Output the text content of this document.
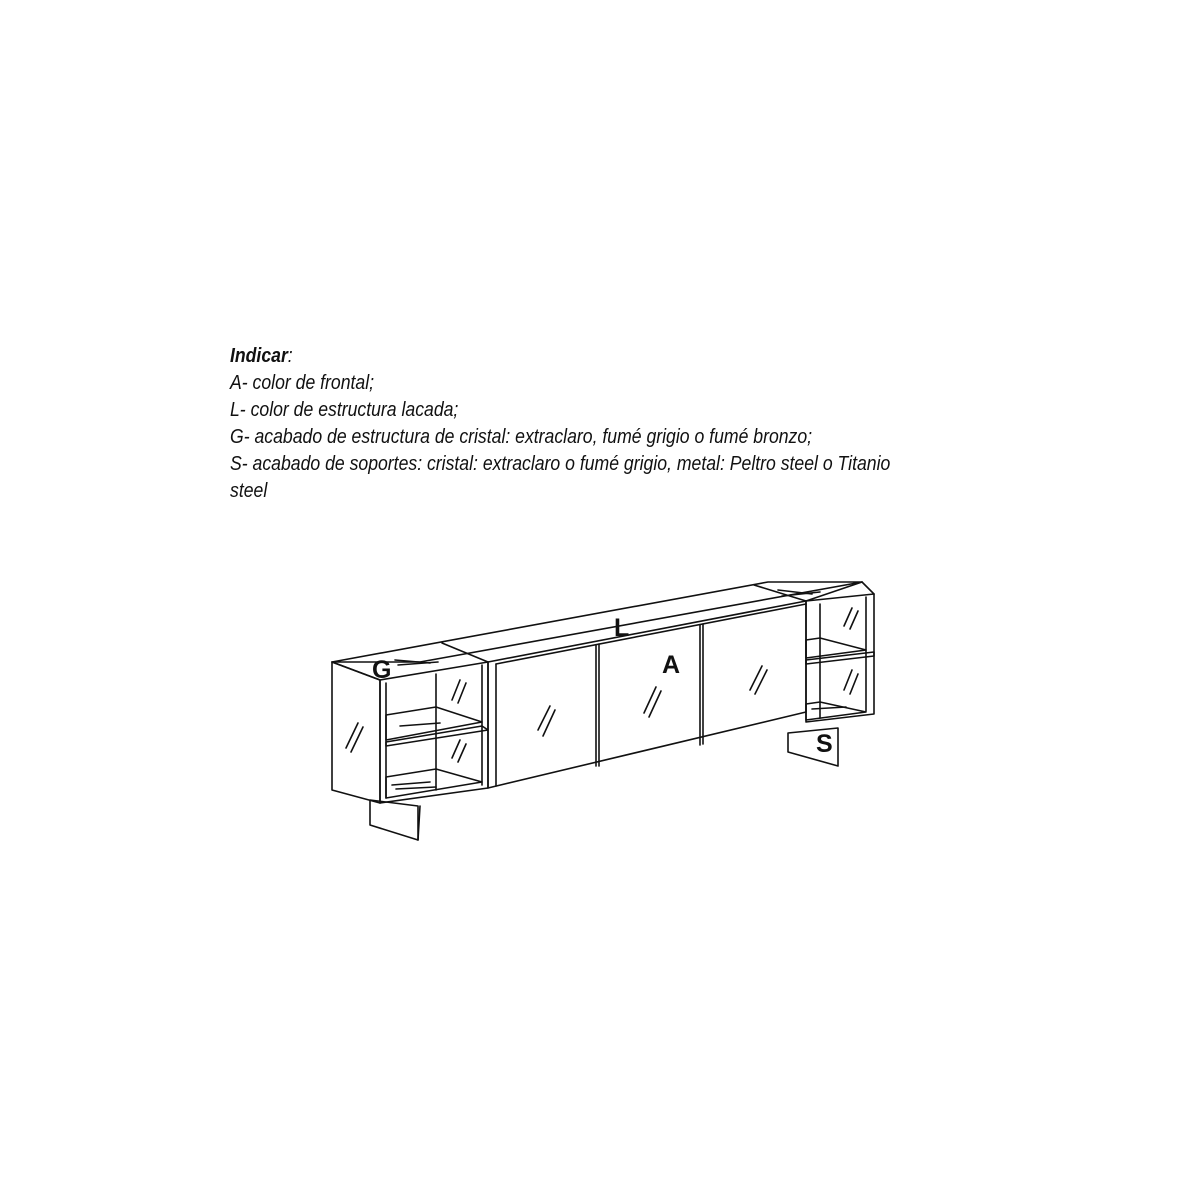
Indicar:
A- color de frontal;
L- color de estructura lacada;
G- acabado de estructura de cristal: extraclaro, fumé grigio o fumé bronzo;
S- acabado de soportes: cristal: extraclaro o fumé grigio, metal: Peltro steel o Titanio
steel
G
L
A
S
